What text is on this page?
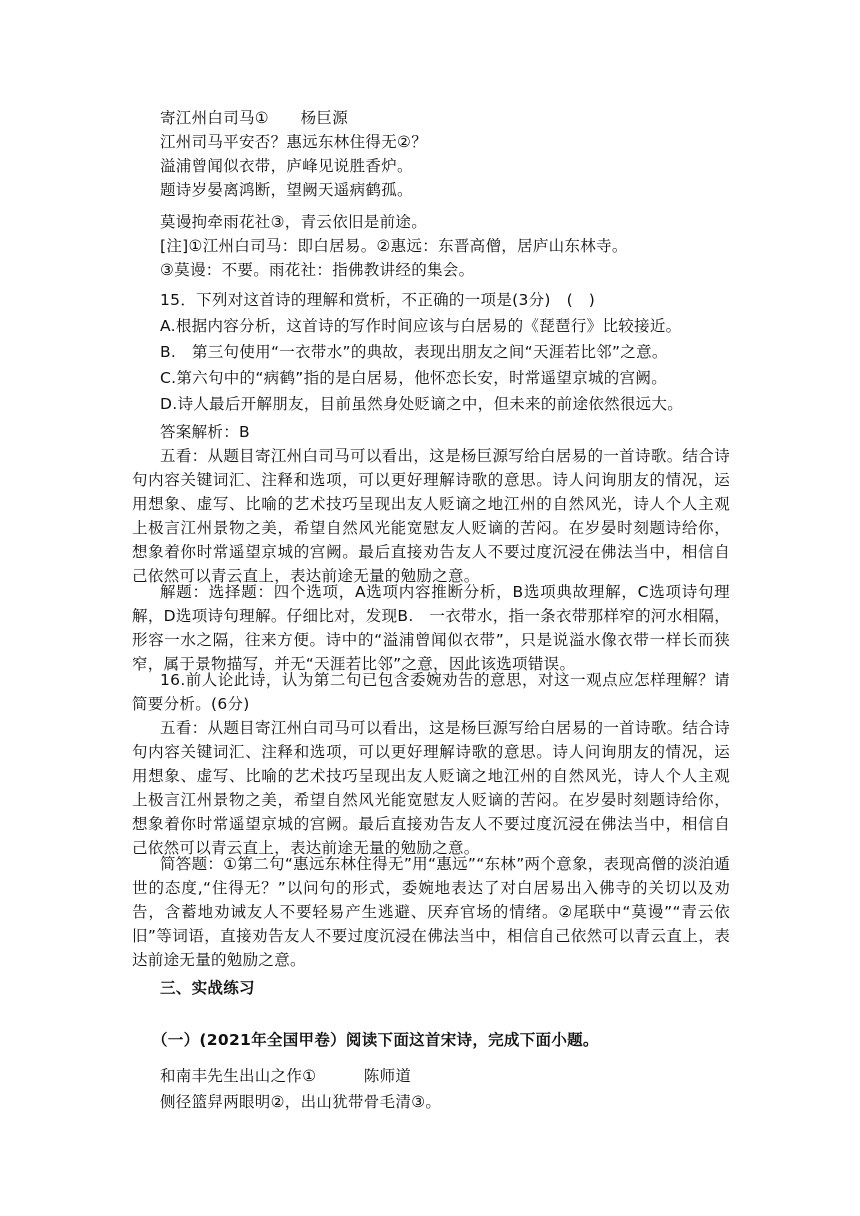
寄江州白司马①　　杨巨源
江州司马平安否？惠远东林住得无②？
溢浦曾闻似衣带，庐峰见说胜香炉。
题诗岁晏离鸿断，望阙天遥病鹤孤。
莫谩拘牵雨花社③，青云依旧是前途。
[注]①江州白司马：即白居易。②惠远：东晋高僧，居庐山东林寺。
③莫谩：不要。雨花社：指佛教讲经的集会。
15．下列对这首诗的理解和赏析，不正确的一项是(3分)　(　)
A.根据内容分析，这首诗的写作时间应该与白居易的《琵琶行》比较接近。
B.　第三句使用“一衣带水”的典故，表现出朋友之间“天涯若比邻”之意。
C.第六句中的“病鹤”指的是白居易，他怀恋长安，时常遥望京城的宫阙。
D.诗人最后开解朋友，目前虽然身处贬谪之中，但未来的前途依然很远大。
答案解析：B
五看：从题目寄江州白司马可以看出，这是杨巨源写给白居易的一首诗歌。结合诗句内容关键词汇、注释和选项，可以更好理解诗歌的意思。诗人问询朋友的情况，运用想象、虚写、比喻的艺术技巧呈现出友人贬谪之地江州的自然风光，诗人个人主观上极言江州景物之美，希望自然风光能宽慰友人贬谪的苦闷。在岁晏时刻题诗给你，想象着你时常遥望京城的宫阙。最后直接劝告友人不要过度沉浸在佛法当中，相信自己依然可以青云直上，表达前途无量的勉励之意。
解题：选择题：四个选项，A选项内容推断分析，B选项典故理解，C选项诗句理解，D选项诗句理解。仔细比对，发现B.　一衣带水，指一条衣带那样窄的河水相隔，形容一水之隔，往来方便。诗中的“溢浦曾闻似衣带”，只是说溢水像衣带一样长而狭窄，属于景物描写，并无“天涯若比邻”之意，因此该选项错误。
16.前人论此诗，认为第二句已包含委婉劝告的意思，对这一观点应怎样理解？请简要分析。(6分)
五看：从题目寄江州白司马可以看出，这是杨巨源写给白居易的一首诗歌。结合诗句内容关键词汇、注释和选项，可以更好理解诗歌的意思。诗人问询朋友的情况，运用想象、虚写、比喻的艺术技巧呈现出友人贬谪之地江州的自然风光，诗人个人主观上极言江州景物之美，希望自然风光能宽慰友人贬谪的苦闷。在岁晏时刻题诗给你，想象着你时常遥望京城的宫阙。最后直接劝告友人不要过度沉浸在佛法当中，相信自己依然可以青云直上，表达前途无量的勉励之意。
简答题：①第二句“惠远东林住得无”用“惠远”“东林”两个意象，表现高僧的淡泊遁世的态度,“住得无？”以问句的形式，委婉地表达了对白居易出入佛寺的关切以及劝告，含蓄地劝诫友人不要轻易产生逃避、厌弃官场的情绪。②尾联中“莫谩”“青云依旧”等词语，直接劝告友人不要过度沉浸在佛法当中，相信自己依然可以青云直上，表达前途无量的勉励之意。
三、实战练习
（一）(2021年全国甲卷）阅读下面这首宋诗，完成下面小题。
和南丰先生出山之作①　　　陈师道
侧径篮舁两眼明②，出山犹带骨毛清③。
